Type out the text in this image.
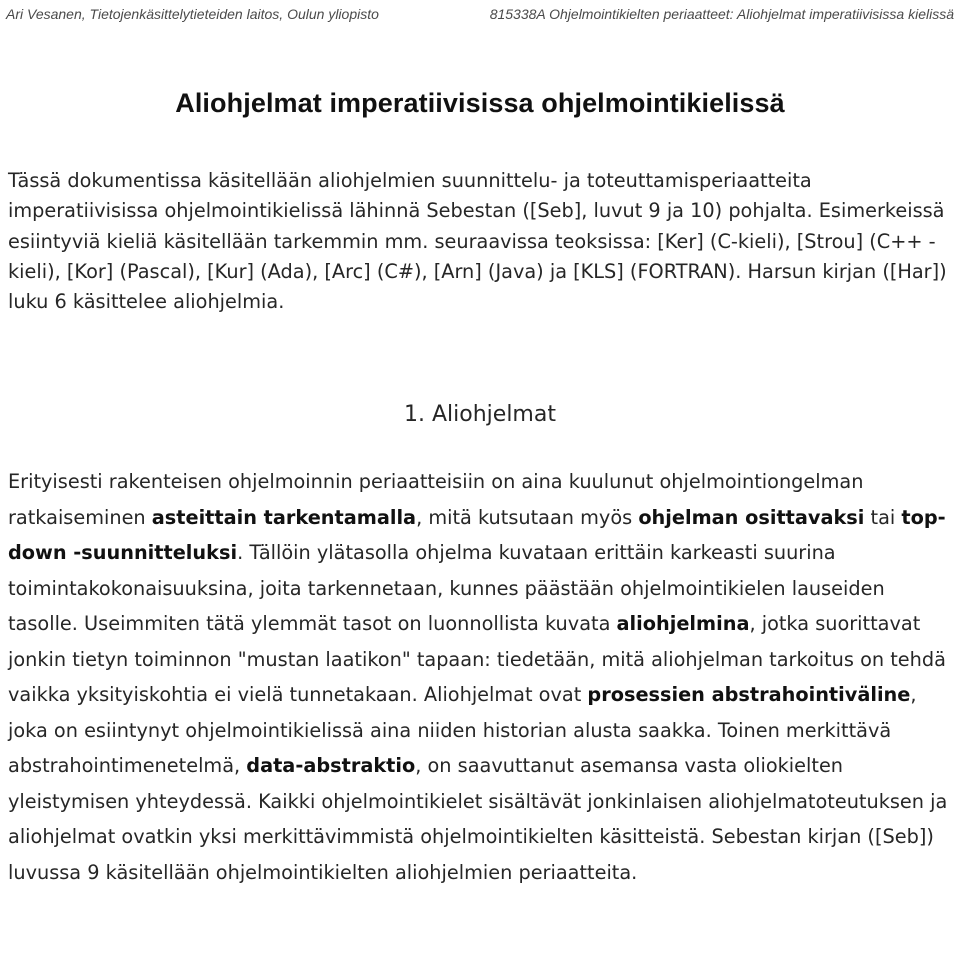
Ari Vesanen, Tietojenkäsittelytieteiden laitos, Oulun yliopisto	815338A Ohjelmointikielten periaatteet: Aliohjelmat imperatiivisissa kielissä
Aliohjelmat imperatiivisissa ohjelmointikielissä

Tässä dokumentissa käsitellään aliohjelmien suunnittelu- ja toteuttamisperiaatteita imperatiivisissa ohjelmointikielissä lähinnä Sebestan ([Seb], luvut 9 ja 10) pohjalta. Esimerkeissä esiintyviä kieliä käsitellään tarkemmin mm. seuraavissa teoksissa: [Ker] (C-kieli), [Strou] (C++ -kieli), [Kor] (Pascal), [Kur] (Ada), [Arc] (C#), [Arn] (Java) ja [KLS] (FORTRAN). Harsun kirjan ([Har]) luku 6 käsittelee aliohjelmia.

1. Aliohjelmat

Erityisesti rakenteisen ohjelmoinnin periaatteisiin on aina kuulunut ohjelmointiongelman ratkaiseminen asteittain tarkentamalla, mitä kutsutaan myös ohjelman osittavaksi tai top-down -suunnitteluksi. Tällöin ylätasolla ohjelma kuvataan erittäin karkeasti suurina toimintakokonaisuuksina, joita tarkennetaan, kunnes päästään ohjelmointikielen lauseiden tasolle. Useimmiten tätä ylemmät tasot on luonnollista kuvata aliohjelmina, jotka suorittavat jonkin tietyn toiminnon "mustan laatikon" tapaan: tiedetään, mitä aliohjelman tarkoitus on tehdä vaikka yksityiskohtia ei vielä tunnetakaan. Aliohjelmat ovat prosessien abstrahointiväline, joka on esiintynyt ohjelmointikielissä aina niiden historian alusta saakka. Toinen merkittävä abstrahointimenetelmä, data-abstraktio, on saavuttanut asemansa vasta oliokielten yleistymisen yhteydessä. Kaikki ohjelmointikielet sisältävät jonkinlaisen aliohjelmatoteutuksen ja aliohjelmat ovatkin yksi merkittävimmistä ohjelmointikielten käsitteistä. Sebestan kirjan ([Seb]) luvussa 9 käsitellään ohjelmointikielten aliohjelmien periaatteita.
